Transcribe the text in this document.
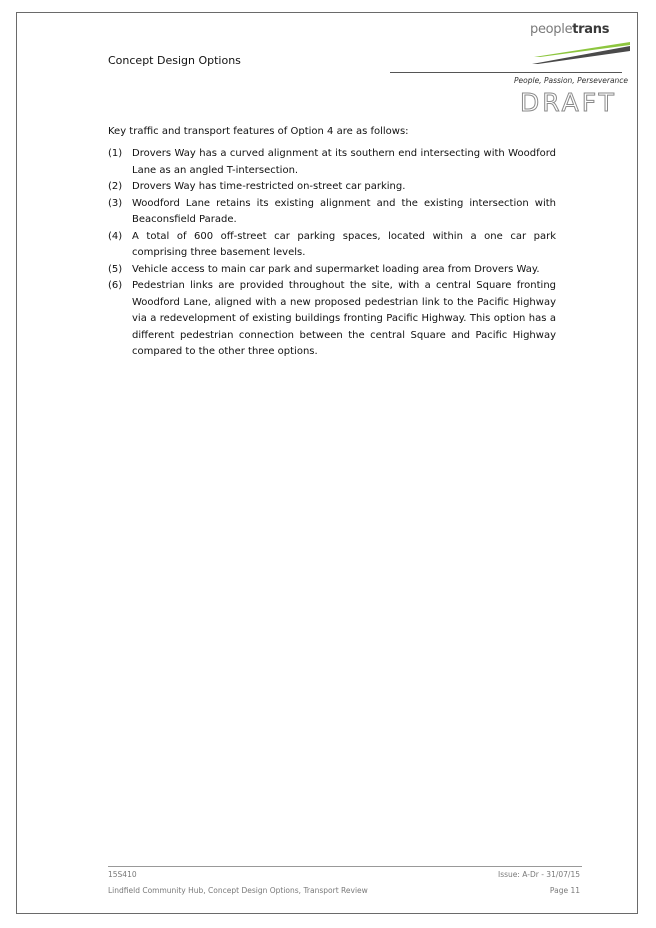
Concept Design Options
peopletrans
People, Passion, Perseverance
DRAFT
Key traffic and transport features of Option 4 are as follows:
(1) Drovers Way has a curved alignment at its southern end intersecting with Woodford Lane as an angled T-intersection.
(2) Drovers Way has time-restricted on-street car parking.
(3) Woodford Lane retains its existing alignment and the existing intersection with Beaconsfield Parade.
(4) A total of 600 off-street car parking spaces, located within a one car park comprising three basement levels.
(5) Vehicle access to main car park and supermarket loading area from Drovers Way.
(6) Pedestrian links are provided throughout the site, with a central Square fronting Woodford Lane, aligned with a new proposed pedestrian link to the Pacific Highway via a redevelopment of existing buildings fronting Pacific Highway. This option has a different pedestrian connection between the central Square and Pacific Highway compared to the other three options.
15S410	Issue: A-Dr - 31/07/15
Lindfield Community Hub, Concept Design Options, Transport Review	Page 11
